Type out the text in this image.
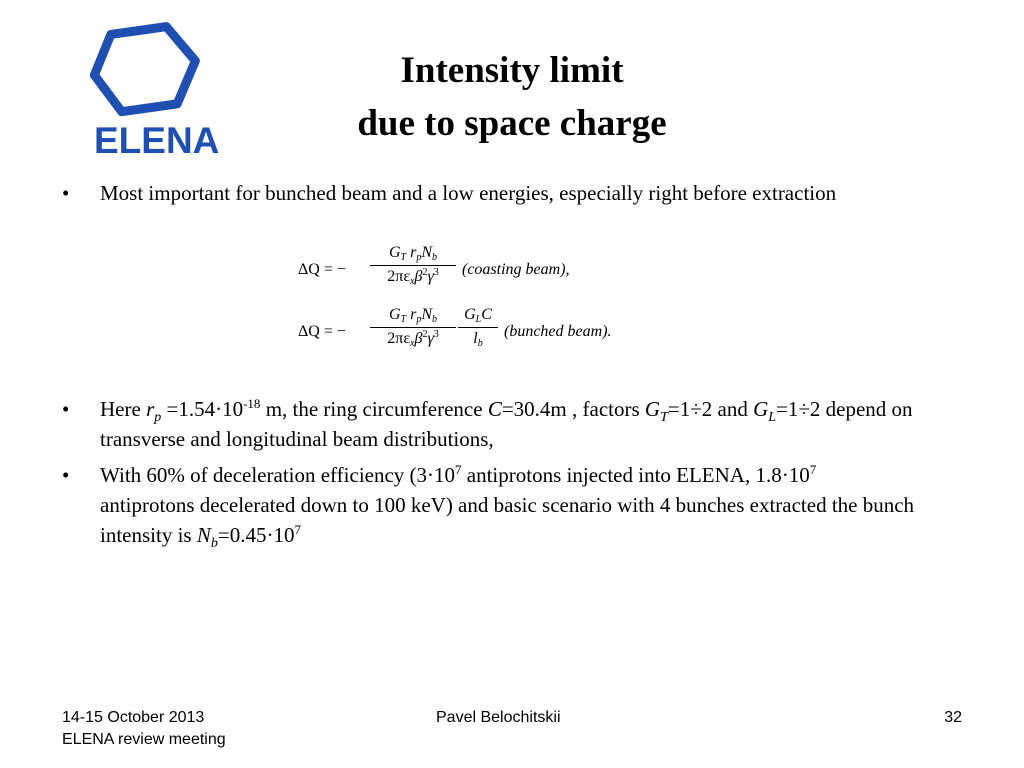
ELENA
Intensity limit
due to space charge
• Most important for bunched beam and a low energies, especially right before extraction
ΔQ = −
$G_T$ $r_pN_b$
$2\pi\varepsilon_x\beta^2\gamma^3$	(coasting beam),
ΔQ = −
$G_T$ $r_pN_b$
$2\pi\varepsilon_x\beta^2\gamma^3$
$G_LC$
$l_b$
(bunched beam).
• Here $r_p =1.54\cdot 10^{-18}$ m, the ring circumference C=30.4m , factors $G_T=1\div 2$ and $G_L=1\div 2$ depend on transverse and longitudinal beam distributions,
• With 60% of deceleration efficiency ($3\cdot 10^7$ antiprotons injected into ELENA, $1.8\cdot 10^7$ antiprotons decelerated down to 100 keV) and basic scenario with 4 bunches extracted the bunch intensity is $N_b=0.45\cdot 10^7$
14-15 October 2013
ELENA review meeting
Pavel Belochitskii	32
